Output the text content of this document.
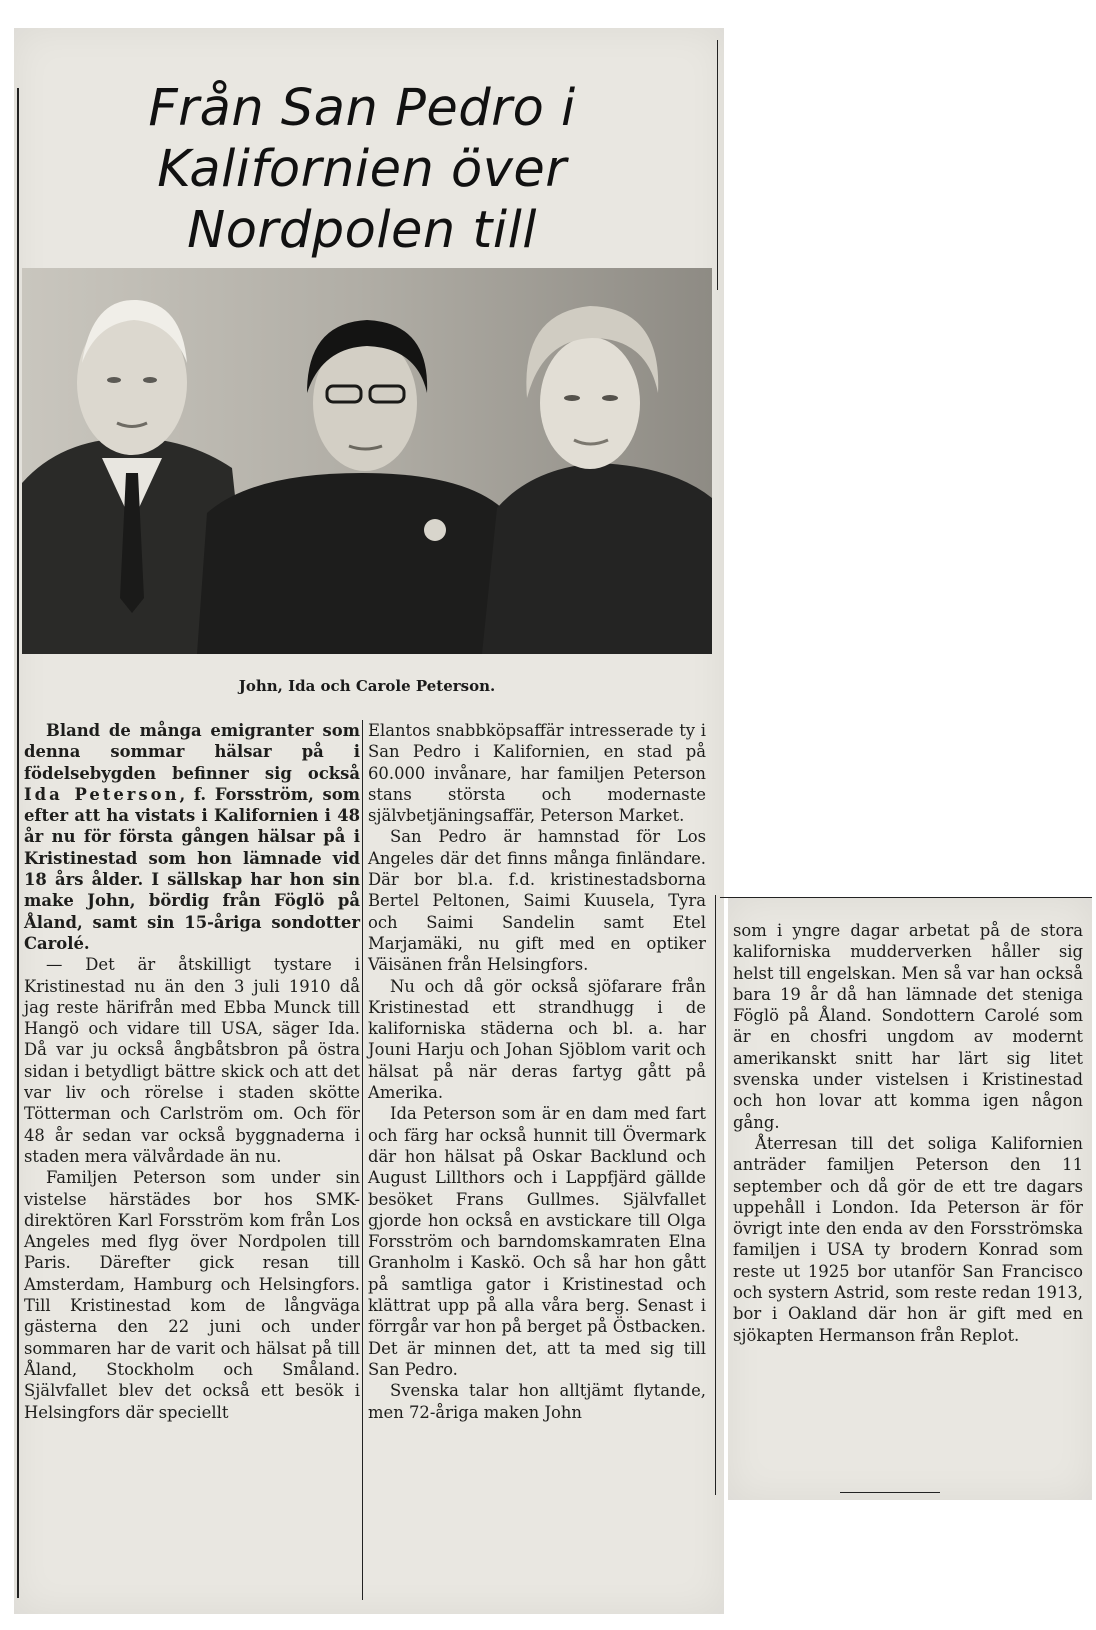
Från San Pedro i Kalifornien över Nordpolen till
John, Ida och Carole Peterson.

Bland de många emigranter som denna sommar hälsar på i födelsebygden befinner sig också Ida Peterson, f. Forsström, som efter att ha vistats i Kalifornien i 48 år nu för första gången hälsar på i Kristinestad som hon lämnade vid 18 års ålder. I sällskap har hon sin make John, bördig från Föglö på Åland, samt sin 15-åriga sondotter Carolé.

— Det är åtskilligt tystare i Kristinestad nu än den 3 juli 1910 då jag reste härifrån med Ebba Munck till Hangö och vidare till USA, säger Ida. Då var ju också ångbåtsbron på östra sidan i betydligt bättre skick och att det var liv och rörelse i staden skötte Tötterman och Carlström om. Och för 48 år sedan var också byggnaderna i staden mera välvårdade än nu.

Familjen Peterson som under sin vistelse härstädes bor hos SMK-direktören Karl Forsström kom från Los Angeles med flyg över Nordpolen till Paris. Därefter gick resan till Amsterdam, Hamburg och Helsingfors. Till Kristinestad kom de långväga gästerna den 22 juni och under sommaren har de varit och hälsat på till Åland, Stockholm och Småland. Självfallet blev det också ett besök i Helsingfors där speciellt

Elantos snabbköpsaffär intresserade ty i San Pedro i Kalifornien, en stad på 60.000 invånare, har familjen Peterson stans största och modernaste självbetjäningsaffär, Peterson Market.

San Pedro är hamnstad för Los Angeles där det finns många finländare. Där bor bl.a. f.d. kristinestadsborna Bertel Peltonen, Saimi Kuusela, Tyra och Saimi Sandelin samt Etel Marjamäki, nu gift med en optiker Väisänen från Helsingfors.

Nu och då gör också sjöfarare från Kristinestad ett strandhugg i de kaliforniska städerna och bl. a. har Jouni Harju och Johan Sjöblom varit och hälsat på när deras fartyg gått på Amerika.

Ida Peterson som är en dam med fart och färg har också hunnit till Övermark där hon hälsat på Oskar Backlund och August Lillthors och i Lappfjärd gällde besöket Frans Gullmes. Självfallet gjorde hon också en avstickare till Olga Forsström och barndomskamraten Elna Granholm i Kaskö. Och så har hon gått på samtliga gator i Kristinestad och klättrat upp på alla våra berg. Senast i förrgår var hon på berget på Östbacken. Det är minnen det, att ta med sig till San Pedro.

Svenska talar hon alltjämt flytande, men 72-åriga maken John

som i yngre dagar arbetat på de stora kaliforniska mudderverken håller sig helst till engelskan. Men så var han också bara 19 år då han lämnade det steniga Föglö på Åland. Sondottern Carolé som är en chosfri ungdom av modernt amerikanskt snitt har lärt sig litet svenska under vistelsen i Kristinestad och hon lovar att komma igen någon gång.

Återresan till det soliga Kalifornien anträder familjen Peterson den 11 september och då gör de ett tre dagars uppehåll i London. Ida Peterson är för övrigt inte den enda av den Forsströmska familjen i USA ty brodern Konrad som reste ut 1925 bor utanför San Francisco och systern Astrid, som reste redan 1913, bor i Oakland där hon är gift med en sjökapten Hermanson från Replot.
